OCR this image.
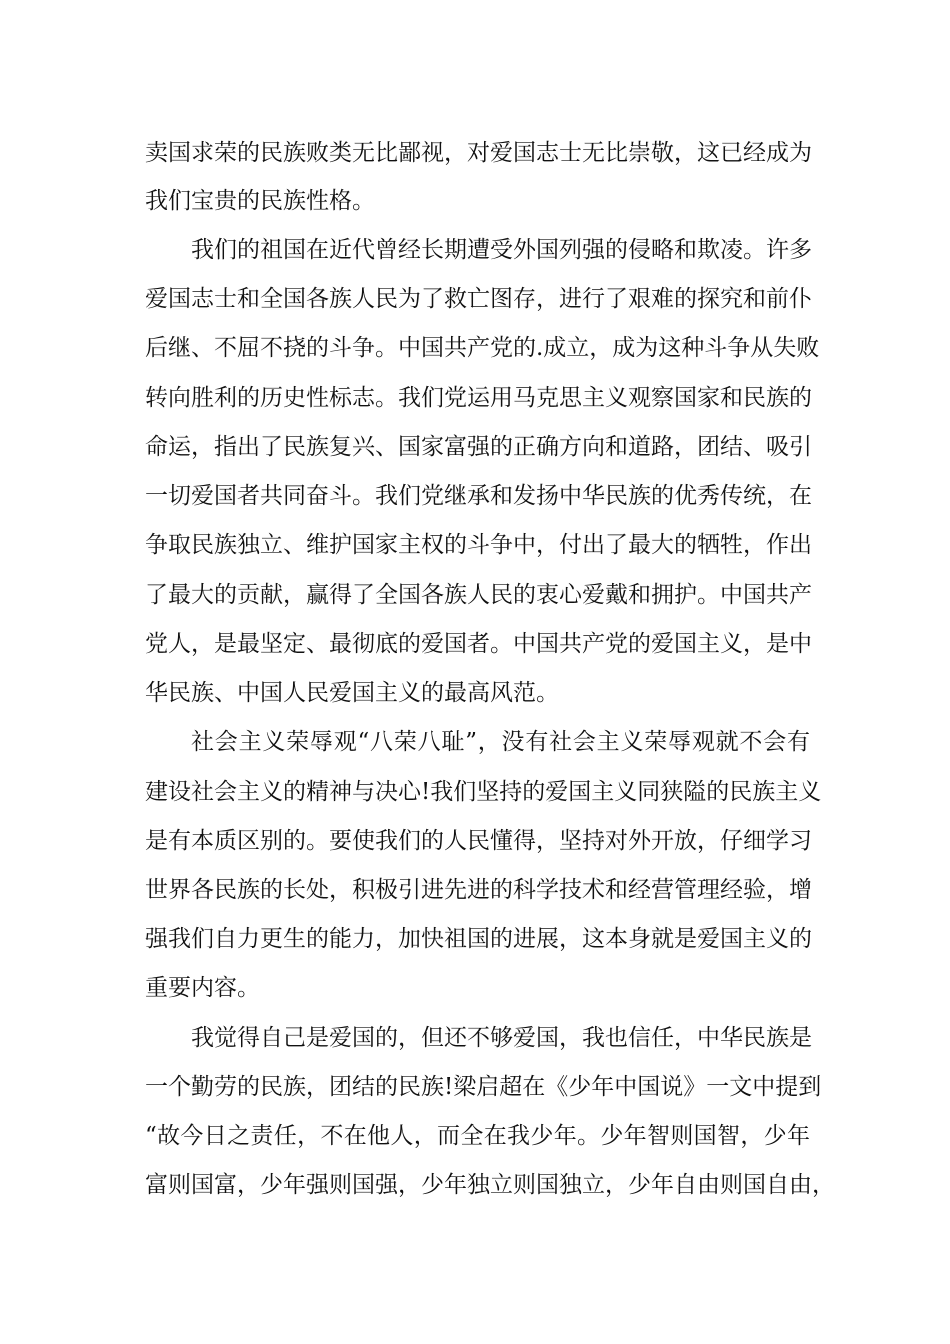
卖国求荣的民族败类无比鄙视，对爱国志士无比崇敬，这已经成为
我们宝贵的民族性格。
我们的祖国在近代曾经长期遭受外国列强的侵略和欺凌。许多
爱国志士和全国各族人民为了救亡图存，进行了艰难的探究和前仆
后继、不屈不挠的斗争。中国共产党的.成立，成为这种斗争从失败
转向胜利的历史性标志。我们党运用马克思主义观察国家和民族的
命运，指出了民族复兴、国家富强的正确方向和道路，团结、吸引
一切爱国者共同奋斗。我们党继承和发扬中华民族的优秀传统，在
争取民族独立、维护国家主权的斗争中，付出了最大的牺牲，作出
了最大的贡献，赢得了全国各族人民的衷心爱戴和拥护。中国共产
党人，是最坚定、最彻底的爱国者。中国共产党的爱国主义，是中
华民族、中国人民爱国主义的最高风范。
社会主义荣辱观“八荣八耻”，没有社会主义荣辱观就不会有
建设社会主义的精神与决心!我们坚持的爱国主义同狭隘的民族主义
是有本质区别的。要使我们的人民懂得，坚持对外开放，仔细学习
世界各民族的长处，积极引进先进的科学技术和经营管理经验，增
强我们自力更生的能力，加快祖国的进展，这本身就是爱国主义的
重要内容。
我觉得自己是爱国的，但还不够爱国，我也信任，中华民族是
一个勤劳的民族，团结的民族!梁启超在《少年中国说》一文中提到
“故今日之责任，不在他人，而全在我少年。少年智则国智，少年
富则国富，少年强则国强，少年独立则国独立，少年自由则国自由，
